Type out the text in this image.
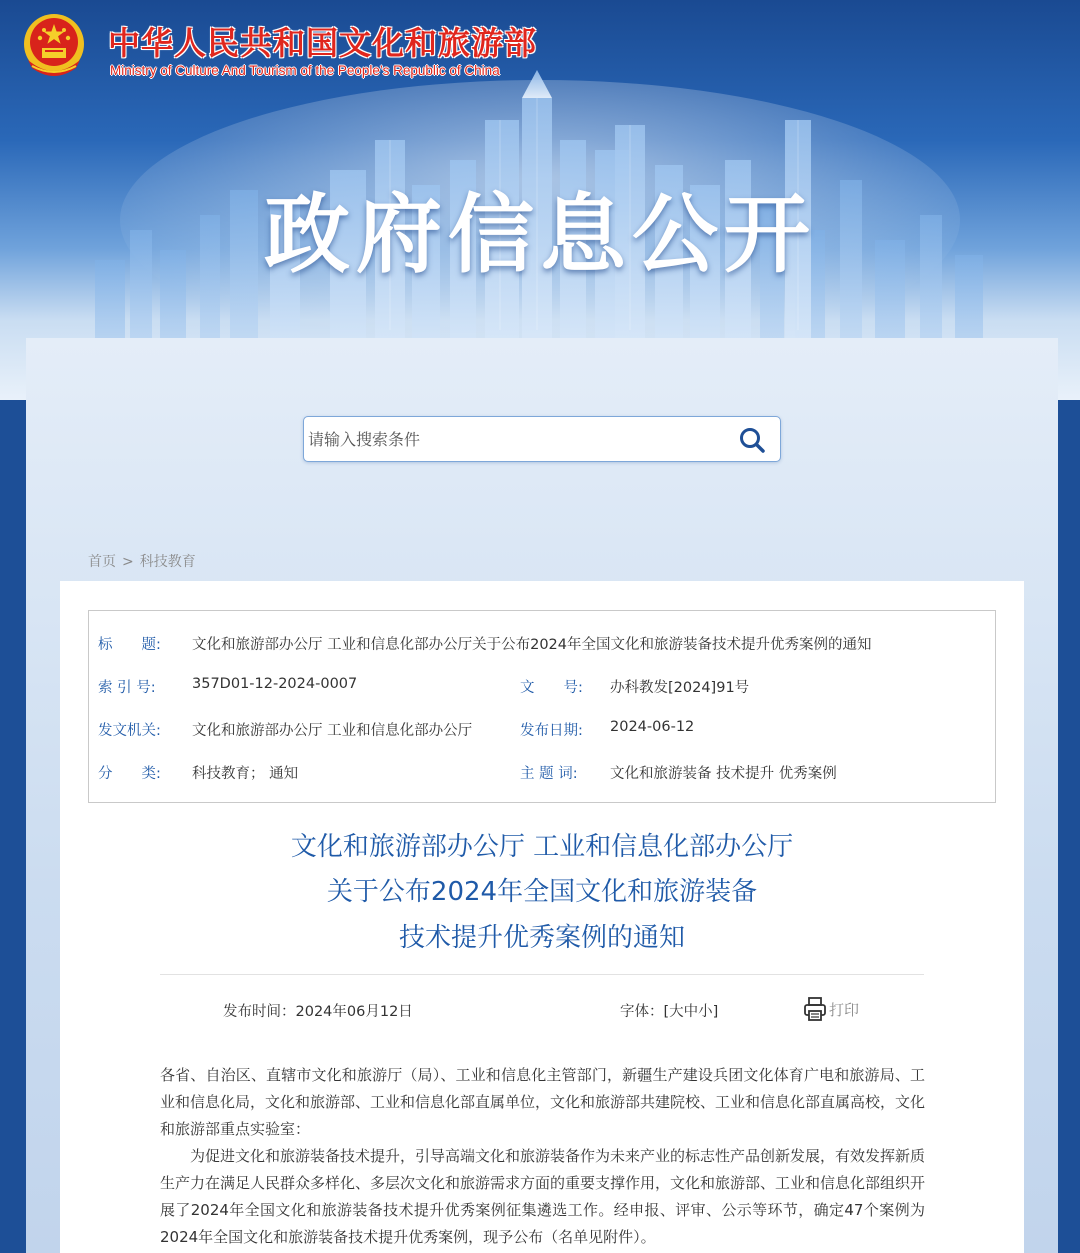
中华人民共和国文化和旅游部
Ministry of Culture And Tourism of the People’s Republic of China
政府信息公开
请输入搜索条件
首页 > 科技教育
标　　题: 文化和旅游部办公厅 工业和信息化部办公厅关于公布2024年全国文化和旅游装备技术提升优秀案例的通知
索 引 号:	357D01-12-2024-0007	文　　号: 办科教发[2024]91号
发文机关: 文化和旅游部办公厅 工业和信息化部办公厅	发布日期: 2024-06-12
分　　类: 科技教育； 通知	主 题 词: 文化和旅游装备 技术提升 优秀案例
文化和旅游部办公厅 工业和信息化部办公厅
关于公布2024年全国文化和旅游装备
技术提升优秀案例的通知
发布时间：2024年06月12日	字体：[大中小]	打印

各省、自治区、直辖市文化和旅游厅（局）、工业和信息化主管部门，新疆生产建设兵团文化体育广电和旅游局、工业和信息化局，文化和旅游部、工业和信息化部直属单位，文化和旅游部共建院校、工业和信息化部直属高校，文化和旅游部重点实验室：

为促进文化和旅游装备技术提升，引导高端文化和旅游装备作为未来产业的标志性产品创新发展，有效发挥新质生产力在满足人民群众多样化、多层次文化和旅游需求方面的重要支撑作用，文化和旅游部、工业和信息化部组织开展了2024年全国文化和旅游装备技术提升优秀案例征集遴选工作。经申报、评审、公示等环节，确定47个案例为2024年全国文化和旅游装备技术提升优秀案例，现予公布（名单见附件）。
